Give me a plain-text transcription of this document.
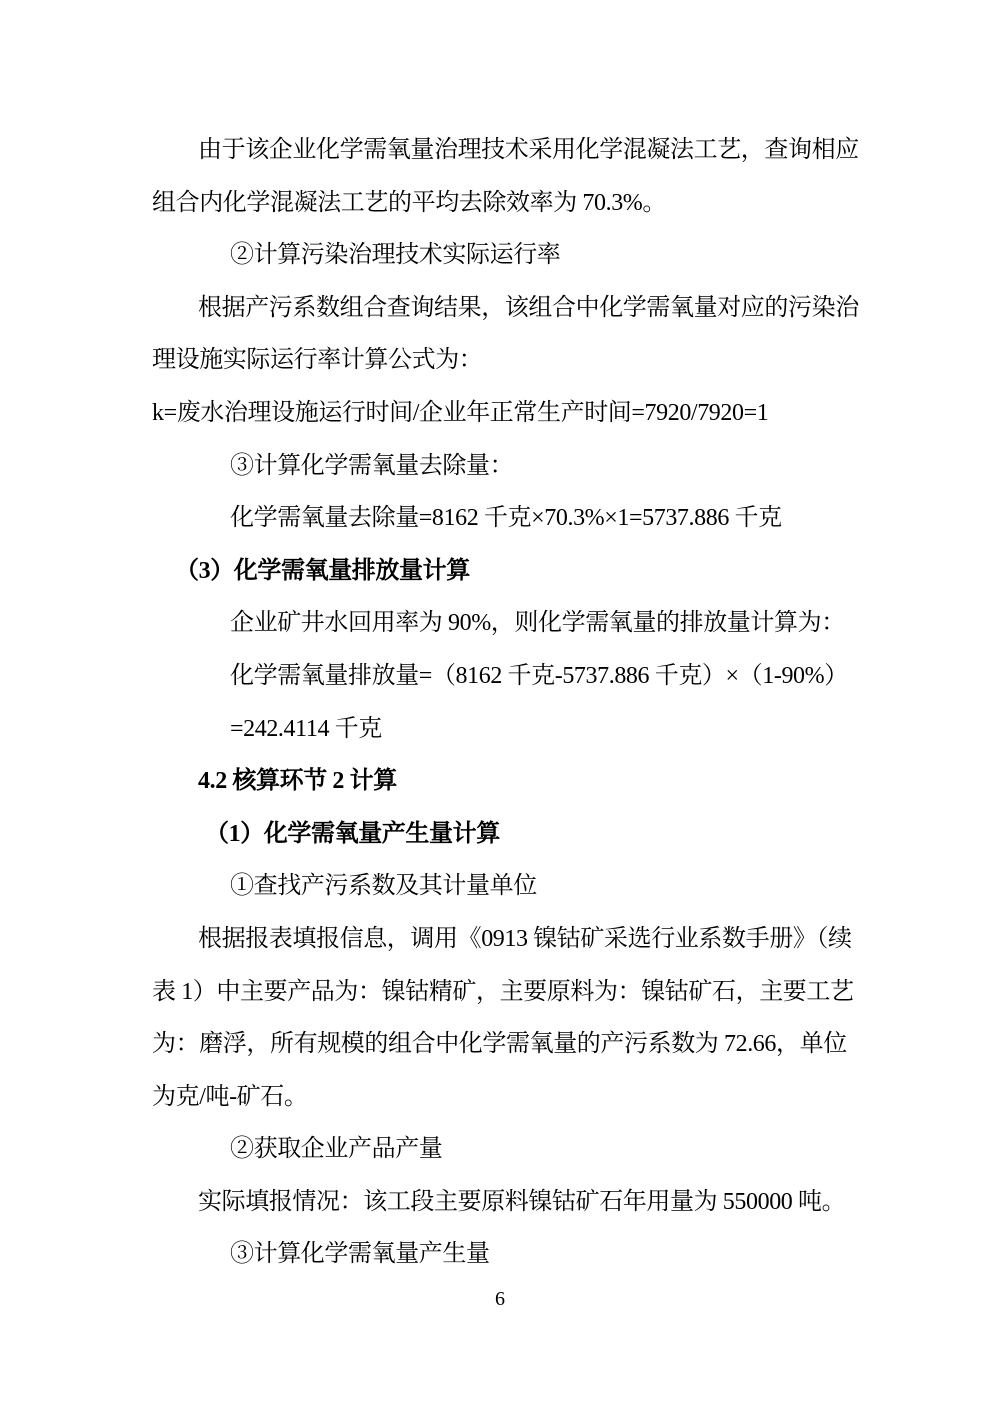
由于该企业化学需氧量治理技术采用化学混凝法工艺，查询相应
组合内化学混凝法工艺的平均去除效率为 70.3%。
②计算污染治理技术实际运行率
根据产污系数组合查询结果，该组合中化学需氧量对应的污染治
理设施实际运行率计算公式为：
k=废水治理设施运行时间/企业年正常生产时间=7920/7920=1
③计算化学需氧量去除量：
化学需氧量去除量=8162 千克×70.3%×1=5737.886 千克
（3）化学需氧量排放量计算
企业矿井水回用率为 90%，则化学需氧量的排放量计算为：
化学需氧量排放量=（8162 千克-5737.886 千克）×（1-90%）
=242.4114 千克
4.2 核算环节 2 计算
（1）化学需氧量产生量计算
①查找产污系数及其计量单位
根据报表填报信息，调用《0913 镍钴矿采选行业系数手册》（续
表 1）中主要产品为：镍钴精矿，主要原料为：镍钴矿石，主要工艺
为：磨浮，所有规模的组合中化学需氧量的产污系数为 72.66，单位
为克/吨-矿石。
②获取企业产品产量
实际填报情况：该工段主要原料镍钴矿石年用量为 550000 吨。
③计算化学需氧量产生量
6
